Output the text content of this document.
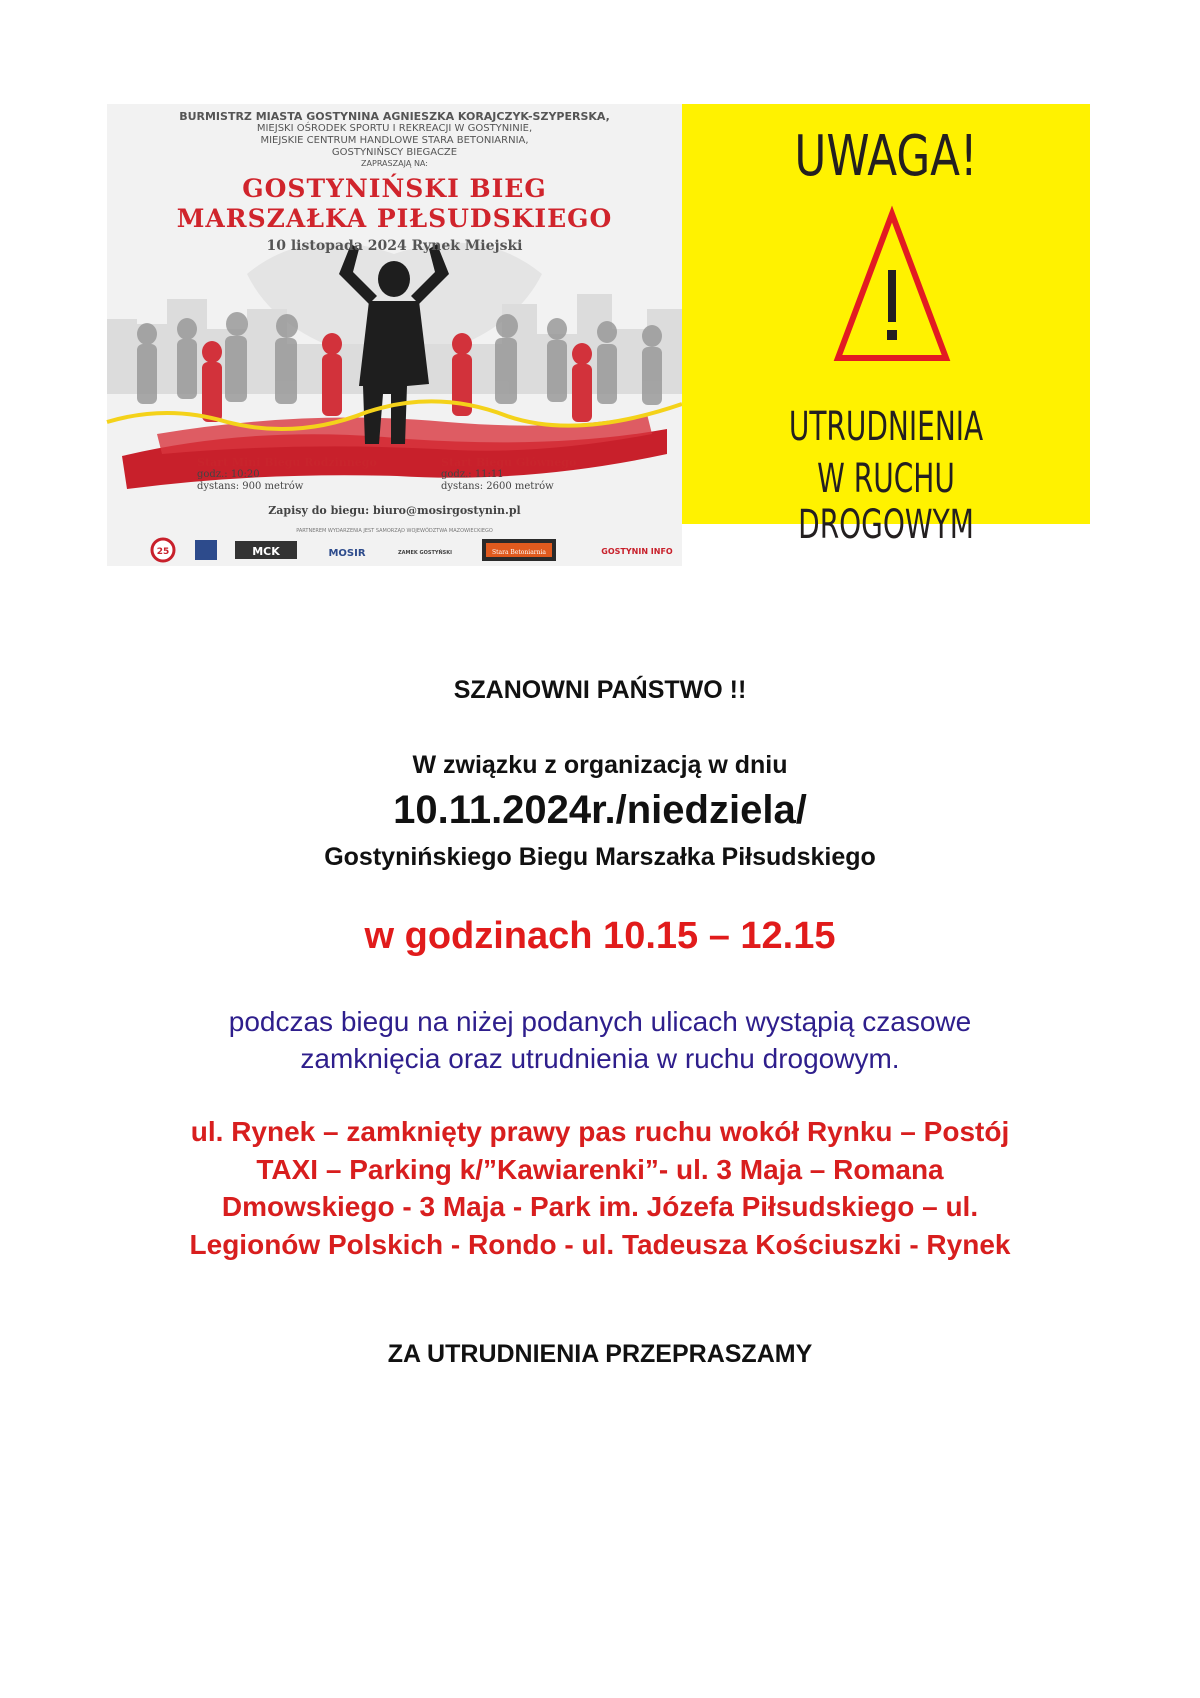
BURMISTRZ MIASTA GOSTYNINA AGNIESZKA KORAJCZYK-SZYPERSKA,
MIEJSKI OŚRODEK SPORTU I REKREACJI W GOSTYNINIE,
MIEJSKIE CENTRUM HANDLOWE STARA BETONIARNIA,
GOSTYNIŃSCY BIEGACZE
ZAPRASZAJĄ NA:
GOSTYNIŃSKI BIEG
MARSZAŁKA PIŁSUDSKIEGO
10 listopada 2024 Rynek Miejski
Start Mini Biegu Rodzinnego
godz.: 10:20
dystans: 900 metrów
Start Biegu Głównego
godz.: 11:11
dystans: 2600 metrów
Zapisy do biegu: biuro@mosirgostynin.pl
PARTNEREM WYDARZENIA JEST SAMORZĄD WOJEWÓDZTWA MAZOWIECKIEGO
25	MCK	MOSIR	ZAMEK GOSTYŃSKI	Stara Betoniarnia	GOSTYNIN INFO
UWAGA!
UTRUDNIENIA
W RUCHU DROGOWYM
SZANOWNI PAŃSTWO !!
W związku z organizacją w dniu
10.11.2024r./niedziela/
Gostynińskiego Biegu Marszałka Piłsudskiego
w godzinach 10.15 – 12.15
podczas biegu na niżej podanych ulicach wystąpią czasowe
zamknięcia oraz utrudnienia w ruchu drogowym.
ul. Rynek – zamknięty prawy pas ruchu wokół Rynku – Postój
TAXI – Parking k/”Kawiarenki”- ul. 3 Maja – Romana
Dmowskiego - 3 Maja - Park im. Józefa Piłsudskiego – ul.
Legionów Polskich - Rondo - ul. Tadeusza Kościuszki - Rynek
ZA UTRUDNIENIA PRZEPRASZAMY
